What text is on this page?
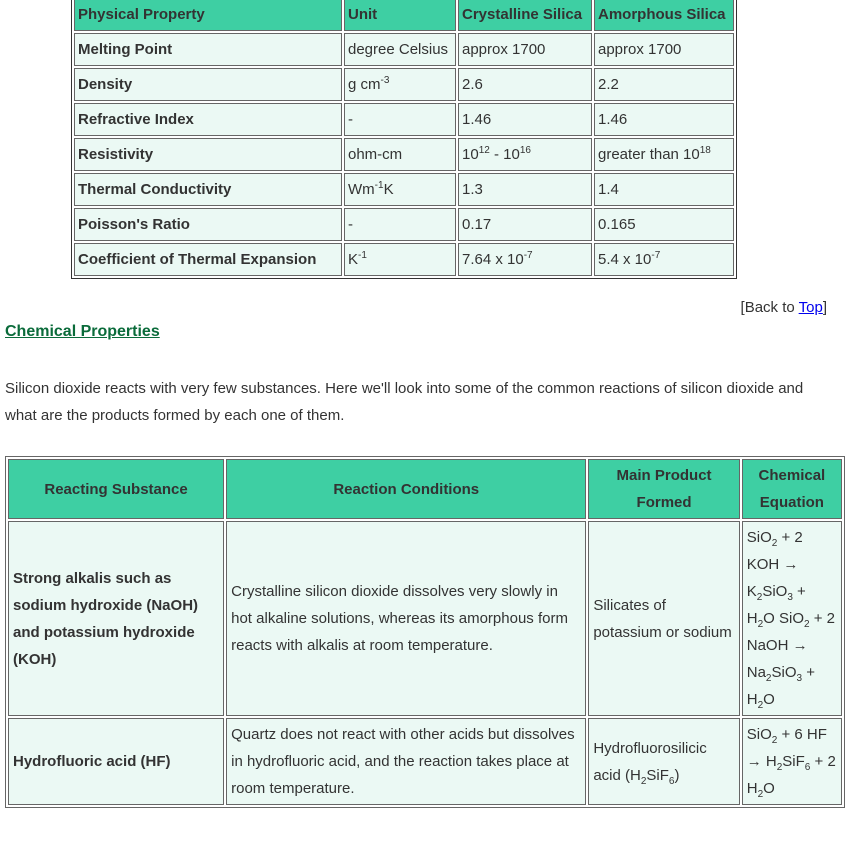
Physical Property	Unit	Crystalline Silica	Amorphous Silica
Melting Point	degree Celsius	approx 1700	approx 1700
Density	g $cm^{-3}$	2.6	2.2
Refractive Index	-	1.46	1.46
Resistivity	ohm-cm	$10^{12} - 10^{16}$	greater than $10^{18}$
Thermal Conductivity	$Wm^{-1}K$	1.3	1.4
Poisson's Ratio	-	0.17	0.165
Coefficient of Thermal Expansion	$K^{-1}$	7.64 x $10^{-7}$	5.4 x $10^{-7}$
[Back to Top]
Chemical Properties
Silicon dioxide reacts with very few substances. Here we'll look into some of the common reactions of silicon dioxide and what are the products formed by each one of them.
Reacting Substance	Reaction Conditions	Main Product Formed	Chemical Equation
Strong alkalis such as sodium hydroxide (NaOH) and potassium hydroxide (KOH)	Crystalline silicon dioxide dissolves very slowly in hot alkaline solutions, whereas its amorphous form reacts with alkalis at room temperature.	Silicates of potassium or sodium	SiO$_2$ + 2 KOH → $K_2SiO_3 + H_2O$ SiO$_2$ + 2 NaOH → $Na_2SiO_3 + H_2O$
Hydrofluoric acid (HF)	Quartz does not react with other acids but dissolves in hydrofluoric acid, and the reaction takes place at room temperature.	Hydrofluorosilicic acid $(H_2SiF_6)$	SiO$_2$ + 6 HF → $H_2SiF_6 + 2$ $H_2O$
